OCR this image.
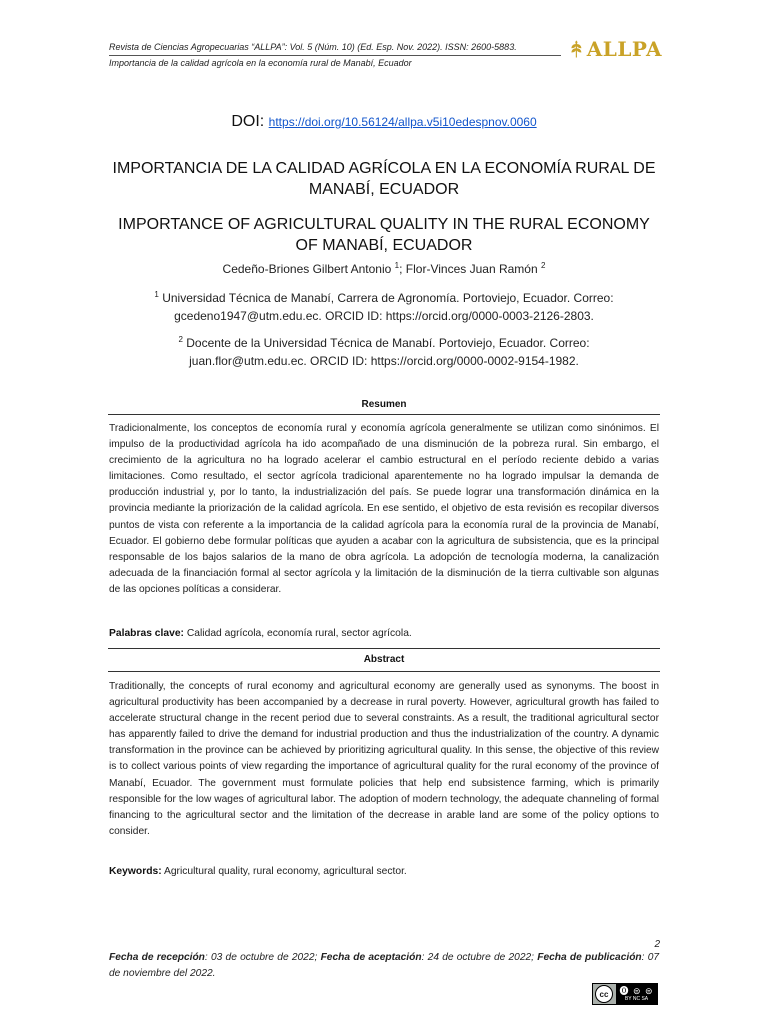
Revista de Ciencias Agropecuarias “ALLPA”: Vol. 5 (Núm. 10) (Ed. Esp. Nov. 2022). ISSN: 2600-5883.
Importancia de la calidad agrícola en la economía rural de Manabí, Ecuador
ALLPA
DOI: https://doi.org/10.56124/allpa.v5i10edespnov.0060
IMPORTANCIA DE LA CALIDAD AGRÍCOLA EN LA ECONOMÍA RURAL DE MANABÍ, ECUADOR
IMPORTANCE OF AGRICULTURAL QUALITY IN THE RURAL ECONOMY OF MANABÍ, ECUADOR
Cedeño-Briones Gilbert Antonio $^1$; Flor-Vinces Juan Ramón $^2$
$^1$ Universidad Técnica de Manabí, Carrera de Agronomía. Portoviejo, Ecuador. Correo: gcedeno1947@utm.edu.ec. ORCID ID: https://orcid.org/0000-0003-2126-2803.
$^2$ Docente de la Universidad Técnica de Manabí. Portoviejo, Ecuador. Correo: juan.flor@utm.edu.ec. ORCID ID: https://orcid.org/0000-0002-9154-1982.
Resumen
Tradicionalmente, los conceptos de economía rural y economía agrícola generalmente se utilizan como sinónimos. El impulso de la productividad agrícola ha ido acompañado de una disminución de la pobreza rural. Sin embargo, el crecimiento de la agricultura no ha logrado acelerar el cambio estructural en el período reciente debido a varias limitaciones. Como resultado, el sector agrícola tradicional aparentemente no ha logrado impulsar la demanda de producción industrial y, por lo tanto, la industrialización del país. Se puede lograr una transformación dinámica en la provincia mediante la priorización de la calidad agrícola. En ese sentido, el objetivo de esta revisión es recopilar diversos puntos de vista con referente a la importancia de la calidad agrícola para la economía rural de la provincia de Manabí, Ecuador. El gobierno debe formular políticas que ayuden a acabar con la agricultura de subsistencia, que es la principal responsable de los bajos salarios de la mano de obra agrícola. La adopción de tecnología moderna, la canalización adecuada de la financiación formal al sector agrícola y la limitación de la disminución de la tierra cultivable son algunas de las opciones políticas a considerar.
Palabras clave: Calidad agrícola, economía rural, sector agrícola.
Abstract
Traditionally, the concepts of rural economy and agricultural economy are generally used as synonyms. The boost in agricultural productivity has been accompanied by a decrease in rural poverty. However, agricultural growth has failed to accelerate structural change in the recent period due to several constraints. As a result, the traditional agricultural sector has apparently failed to drive the demand for industrial production and thus the industrialization of the country. A dynamic transformation in the province can be achieved by prioritizing agricultural quality. In this sense, the objective of this review is to collect various points of view regarding the importance of agricultural quality for the rural economy of the province of Manabí, Ecuador. The government must formulate policies that help end subsistence farming, which is primarily responsible for the low wages of agricultural labor. The adoption of modern technology, the adequate channeling of formal financing to the agricultural sector and the limitation of the decrease in arable land are some of the policy options to consider.
Keywords: Agricultural quality, rural economy, agricultural sector.
2
Fecha de recepción: 03 de octubre de 2022; Fecha de aceptación: 24 de octubre de 2022; Fecha de publicación: 07 de noviembre del 2022.
cc	⓿ ⊜ ⊜
BY NC SA
